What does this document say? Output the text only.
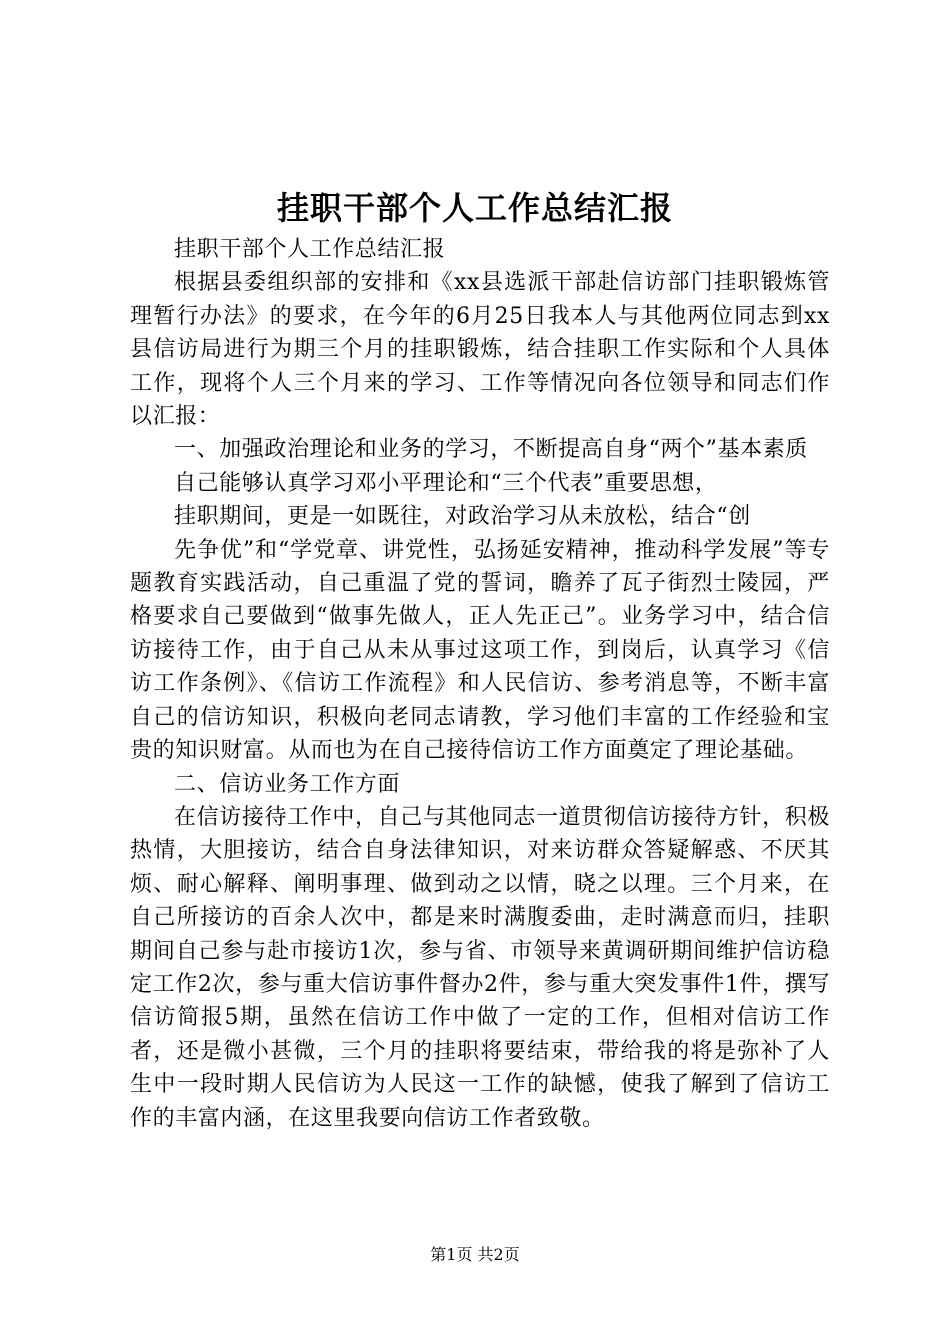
挂职干部个人工作总结汇报

挂职干部个人工作总结汇报

根据县委组织部的安排和《xx县选派干部赴信访部门挂职锻炼管理暂行办法》的要求，在今年的6月25日我本人与其他两位同志到xx县信访局进行为期三个月的挂职锻炼，结合挂职工作实际和个人具体工作，现将个人三个月来的学习、工作等情况向各位领导和同志们作以汇报：

一、加强政治理论和业务的学习，不断提高自身“两个”基本素质

自己能够认真学习邓小平理论和“三个代表”重要思想，

挂职期间，更是一如既往，对政治学习从未放松，结合“创

先争优”和“学党章、讲党性，弘扬延安精神，推动科学发展”等专题教育实践活动，自己重温了党的誓词，瞻养了瓦子街烈士陵园，严格要求自己要做到“做事先做人，正人先正己”。业务学习中，结合信访接待工作，由于自己从未从事过这项工作，到岗后，认真学习《信访工作条例》、《信访工作流程》和人民信访、参考消息等，不断丰富自己的信访知识，积极向老同志请教，学习他们丰富的工作经验和宝贵的知识财富。从而也为在自己接待信访工作方面奠定了理论基础。

二、信访业务工作方面

在信访接待工作中，自己与其他同志一道贯彻信访接待方针，积极热情，大胆接访，结合自身法律知识，对来访群众答疑解惑、不厌其烦、耐心解释、阐明事理、做到动之以情，晓之以理。三个月来，在自己所接访的百余人次中，都是来时满腹委曲，走时满意而归，挂职期间自己参与赴市接访1次，参与省、市领导来黄调研期间维护信访稳定工作2次，参与重大信访事件督办2件，参与重大突发事件1件，撰写信访简报5期，虽然在信访工作中做了一定的工作，但相对信访工作者，还是微小甚微，三个月的挂职将要结束，带给我的将是弥补了人生中一段时期人民信访为人民这一工作的缺憾，使我了解到了信访工作的丰富内涵，在这里我要向信访工作者致敬。

第1页 共2页
